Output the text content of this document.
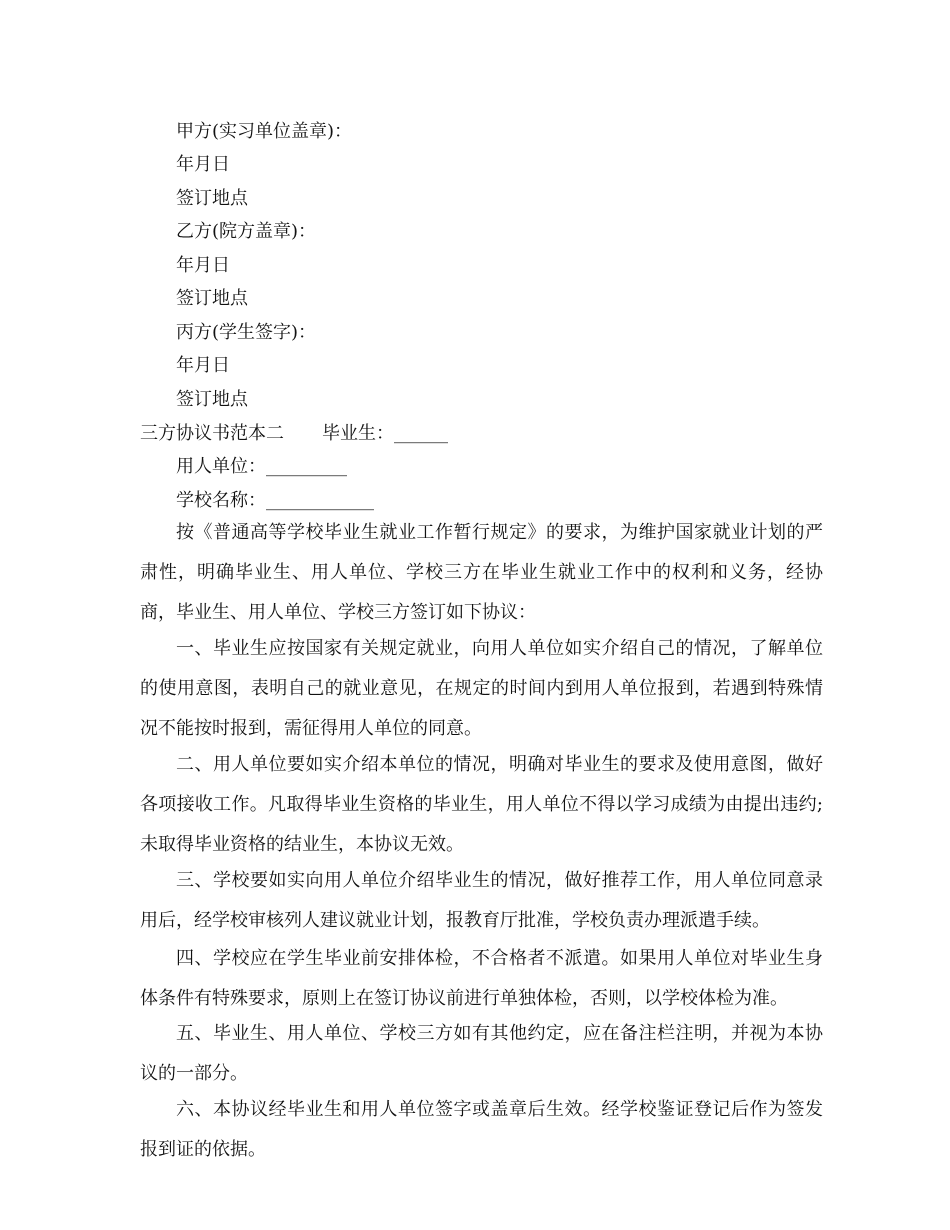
甲方(实习单位盖章)：
年月日
签订地点
乙方(院方盖章)：
年月日
签订地点
丙方(学生签字)：
年月日
签订地点
三方协议书范本二 毕业生：______
用人单位：_________
学校名称：____________

按《普通高等学校毕业生就业工作暂行规定》的要求，为维护国家就业计划的严肃性，明确毕业生、用人单位、学校三方在毕业生就业工作中的权利和义务，经协商，毕业生、用人单位、学校三方签订如下协议：

一、毕业生应按国家有关规定就业，向用人单位如实介绍自己的情况，了解单位的使用意图，表明自己的就业意见，在规定的时间内到用人单位报到，若遇到特殊情况不能按时报到，需征得用人单位的同意。

二、用人单位要如实介绍本单位的情况，明确对毕业生的要求及使用意图，做好各项接收工作。凡取得毕业生资格的毕业生，用人单位不得以学习成绩为由提出违约;未取得毕业资格的结业生，本协议无效。

三、学校要如实向用人单位介绍毕业生的情况，做好推荐工作，用人单位同意录用后，经学校审核列人建议就业计划，报教育厅批准，学校负责办理派遣手续。

四、学校应在学生毕业前安排体检，不合格者不派遣。如果用人单位对毕业生身体条件有特殊要求，原则上在签订协议前进行单独体检，否则，以学校体检为准。

五、毕业生、用人单位、学校三方如有其他约定，应在备注栏注明，并视为本协议的一部分。

六、本协议经毕业生和用人单位签字或盖章后生效。经学校鉴证登记后作为签发报到证的依据。
